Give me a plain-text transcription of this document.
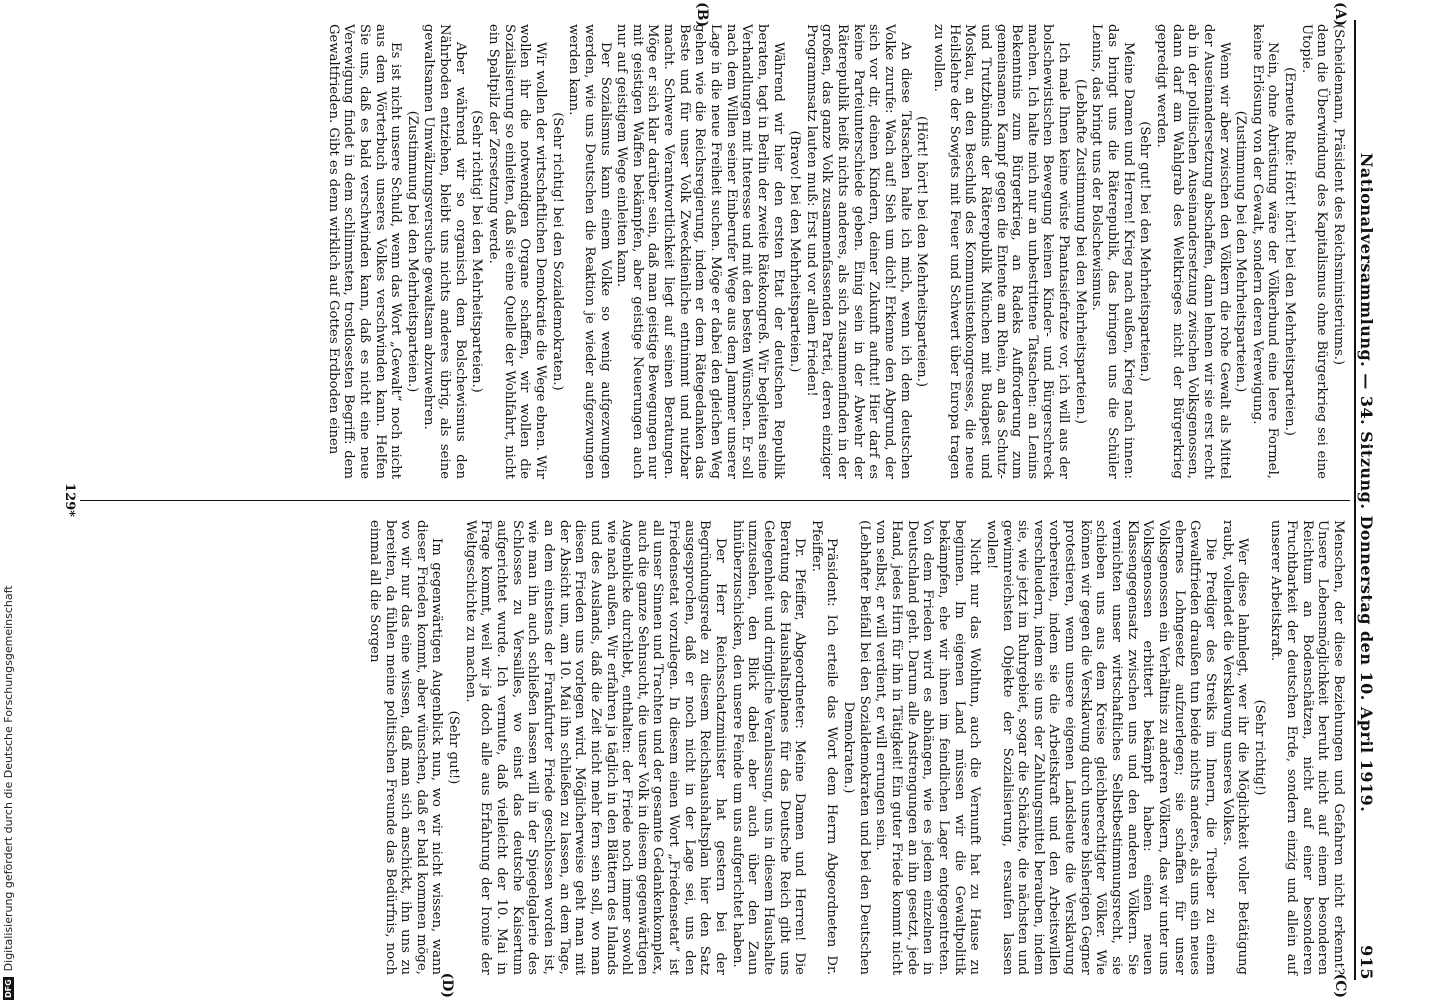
DFG
Digitalisierung gefördert durch die Deutsche Forschungsgemeinschaft	Nationalversammlung. — 34. Sitzung. Donnerstag den 10. April 1919.
915
(A)
(B)
(C)
(D)

(Scheidemann, Präsident des Reichsministeriums.)

denn die Überwindung des Kapitalismus ohne Bürgerkrieg sei eine Utopie.

(Erneute Rufe: Hört! hört! bei den Mehrheitsparteien.)

Nein, ohne Abrüstung wäre der Völkerbund eine leere Formel, keine Erlösung von der Gewalt, sondern deren Verewigung.

(Zustimmung bei den Mehrheitsparteien.)

Wenn wir aber zwischen den Völkern die rohe Gewalt als Mittel der Auseinandersetzung abschaffen, dann lehnen wir sie erst recht ab in der politischen Auseinandersetzung zwischen Volksgenossen, dann darf am Wahlgrab des Weltkrieges nicht der Bürgerkrieg gepredigt werden.

(Sehr gut! bei den Mehrheitsparteien.)

Meine Damen und Herren! Krieg nach außen, Krieg nach innen: das bringt uns die Räterepublik, das bringen uns die Schüler Lenins, das bringt uns der Bolschewismus.

(Lebhafte Zustimmung bei den Mehrheitsparteien.)

Ich male Ihnen keine wüste Phantasiefratze vor, ich will aus der bolschewistischen Bewegung keinen Kinder- und Bürgerschreck machen. Ich halte mich nur an unbestrittene Tatsachen: an Lenins Bekenntnis zum Bürgerkrieg, an Radeks Aufforderung zum gemeinsamen Kampf gegen die Entente am Rhein, an das Schutz- und Trutzbündnis der Räterepublik München mit Budapest und Moskau, an den Beschluß des Kommunistenkongresses, die neue Heilslehre der Sowjets mit Feuer und Schwert über Europa tragen zu wollen.

(Hört! hört! bei den Mehrheitsparteien.)

An diese Tatsachen halte ich mich, wenn ich dem deutschen Volke zurufe: Wach auf! Sieh um dich! Erkenne den Abgrund, der sich vor dir, deinen Kindern, deiner Zukunft auftut! Hier darf es keine Parteiunterschiede geben. Einig sein in der Abwehr der Räterepublik heißt nichts anderes, als sich zusammenfinden in der großen, das ganze Volk zusammenfassenden Partei, deren einziger Programmsatz lauten muß: Erst und vor allem Frieden!

(Bravo! bei den Mehrheitsparteien.)

Während wir hier den ersten Etat der deutschen Republik beraten, tagt in Berlin der zweite Rätekongreß. Wir begleiten seine Verhandlungen mit Interesse und mit den besten Wünschen. Er soll nach dem Willen seiner Einberufer Wege aus dem Jammer unserer Lage in die neue Freiheit suchen. Möge er dabei den gleichen Weg gehen wie die Reichsregierung, indem er dem Rätegedanken das Beste und für unser Volk Zweckdienliche entnimmt und nutzbar macht. Schwere Verantwortlichkeit liegt auf seinen Beratungen. Möge er sich klar darüber sein, daß man geistige Bewegungen nur mit geistigen Waffen bekämpfen, aber geistige Neuerungen auch nur auf geistigem Wege einleiten kann.

Der Sozialismus kann einem Volke so wenig aufgezwungen werden, wie uns Deutschen die Reaktion je wieder aufgezwungen werden kann.

(Sehr richtig! bei den Sozialdemokraten.)

Wir wollen der wirtschaftlichen Demokratie die Wege ebnen. Wir wollen ihr die notwendigen Organe schaffen, wir wollen die Sozialisierung so einleiten, daß sie eine Quelle der Wohlfahrt, nicht ein Spaltpilz der Zersetzung werde.

(Sehr richtig! bei den Mehrheitsparteien.)

Aber während wir so organisch dem Bolschewismus den Nährboden entziehen, bleibt uns nichts anderes übrig, als seine gewaltsamen Umwälzungsversuche gewaltsam abzuwehren.

(Zustimmung bei den Mehrheitsparteien.)

Es ist nicht unsere Schuld, wenn das Wort „Gewalt“ noch nicht aus dem Wörterbuch unseres Volkes verschwinden kann. Helfen Sie uns, daß es bald verschwinden kann, daß es nicht eine neue Verewigung findet in dem schlimmsten, trostlosesten Begriff: dem Gewaltfrieden. Gibt es denn wirklich auf Gottes Erdboden einen

Menschen, der diese Beziehungen und Gefahren nicht erkennt? Unsere Lebensmöglichkeit beruht nicht auf einem besonderen Reichtum an Bodenschätzen, nicht auf einer besonderen Fruchtbarkeit der deutschen Erde, sondern einzig und allein auf unserer Arbeitskraft.

(Sehr richtig!)

Wer diese lahmlegt, wer ihr die Möglichkeit voller Betätigung raubt, vollendet die Versklavung unseres Volkes.

Die Prediger des Streiks im Innern, die Treiber zu einem Gewaltfrieden draußen tun beide nichts anderes, als uns ein neues ehernes Lohngesetz aufzuerlegen; sie schaffen für unser Volksgenossen ein Verhältnis zu anderen Völkern, das wir unter uns Volksgenossen erbittert bekämpft haben: einen neuen Klassengegensatz zwischen uns und den anderen Völkern. Sie vernichten unser wirtschaftliches Selbstbestimmungsrecht, sie schieben uns aus dem Kreise gleichberechtigter Völker. Wie können wir gegen die Versklavung durch unsere bisherigen Gegner protestieren, wenn unsere eigenen Landsleute die Versklavung vorbereiten, indem sie die Arbeitskraft und den Arbeitswillen verschleudern, indem sie uns der Zahlungsmittel berauben, indem sie, wie jetzt im Ruhrgebiet, sogar die Schächte, die nächsten und gewinnreichsten Objekte der Sozialisierung, ersaufen lassen wollen!

Nicht nur das Wohltun, auch die Vernunft hat zu Hause zu beginnen. Im eigenen Land müssen wir die Gewaltpolitik bekämpfen, ehe wir ihnen im feindlichen Lager entgegentreten. Von dem Frieden wird es abhängen, wie es jedem einzelnen in Deutschland geht. Darum alle Anstrengungen an ihn gesetzt, jede Hand, jedes Hirn für ihn in Tätigkeit! Ein guter Friede kommt nicht von selbst, er will verdient, er will errungen sein.

(Lebhafter Beifall bei den Sozialdemokraten und bei den Deutschen Demokraten.)

Präsident: Ich erteile das Wort dem Herrn Abgeordneten Dr. Pfeiffer.

Dr. Pfeiffer, Abgeordneter: Meine Damen und Herren! Die Beratung des Haushaltsplanes für das Deutsche Reich gibt uns Gelegenheit und dringliche Veranlassung, uns in diesem Haushalte umzusehen, den Blick dabei aber auch über den Zaun hinüberzuschicken, den unsere Feinde um uns aufgerichtet haben.

Der Herr Reichsschatzminister hat gestern bei der Begründungsrede zu diesem Reichshaushaltsplan hier den Satz ausgesprochen, daß er noch nicht in der Lage sei, uns den Friedensetat vorzulegen. In diesem einen Wort „Friedensetat“ ist all unser Sinnen und Trachten und der gesamte Gedankenkomplex, auch die ganze Sehnsucht, die unser Volk in diesem gegenwärtigen Augenblicke durchlebt, enthalten: der Friede noch immer sowohl wie nach außen. Wir erfahren ja täglich in den Blättern des Inlands und des Auslands, daß die Zeit nicht mehr fern sein soll, wo man diesen Frieden uns vorlegen wird. Möglicherweise geht man mit der Absicht um, am 10. Mai ihn schließen zu lassen, an dem Tage, an dem einstens der Frankfurter Friede geschlossen worden ist, wie man ihn auch schließen lassen will in der Spiegelgalerie des Schlosses zu Versailles, wo einst das deutsche Kaisertum aufgerichtet wurde. Ich vermute, daß vielleicht der 10. Mai in Frage kommt, weil wir ja doch alle aus Erfahrung der Ironie der Weltgeschichte zu machen.

(Sehr gut!)

Im gegenwärtigen Augenblick nun, wo wir nicht wissen, wann dieser Frieden kommt, aber wünschen, daß er bald kommen möge, wo wir nur das eine wissen, daß man sich anschickt, ihn uns zu bereiten, da fühlen meine politischen Freunde das Bedürfnis, noch einmal all die Sorgen

129*
